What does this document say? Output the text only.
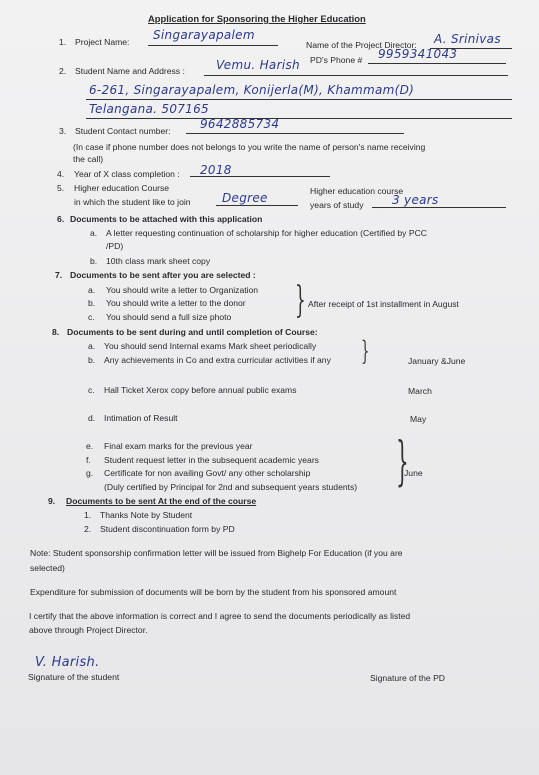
Application for Sponsoring the Higher Education
1. Project Name: Singarayapalem
Name of the Project Director: A. Srinivas
PD's Phone # 9959341043
2. Student Name and Address :	Vemu. Harish
6-261, Singarayapalem, Konijerla(M), Khammam(D)
Telangana. 507165
3. Student Contact number: 9642885734
(In case if phone number does not belongs to you write the name of person's name receiving
the call)
4. Year of X class completion : 2018
5. Higher education Course
in which the student like to join	Degree	Higher education course
years of study 3 years
6. Documents to be attached with this application
a. A letter requesting continuation of scholarship for higher education (Certified by PCC
/PD)
b. 10th class mark sheet copy
7. Documents to be sent after you are selected :
a. You should write a letter to Organization
b. You should write a letter to the donor
c. You should send a full size photo } After receipt of 1st installment in August
8. Documents to be sent during and until completion of Course:
a. You should send Internal exams Mark sheet periodically
b. Any achievements in Co and extra curricular activities if any }	January &June
c. Hall Ticket Xerox copy before annual public exams	March
d. Intimation of Result	May
e. Final exam marks for the previous year
f. Student request letter in the subsequent academic years
g. Certificate for non availing Govt/ any other scholarship
(Duly certified by Principal for 2nd and subsequent years students) }
June
9. Documents to be sent At the end of the course
1. Thanks Note by Student
2. Student discontinuation form by PD
Note: Student sponsorship confirmation letter will be issued from Bighelp For Education (if you are
selected)
Expenditure for submission of documents will be born by the student from his sponsored amount
I certify that the above information is correct and I agree to send the documents periodically as listed
above through Project Director.
V. Harish.
Signature of the student	Signature of the PD
